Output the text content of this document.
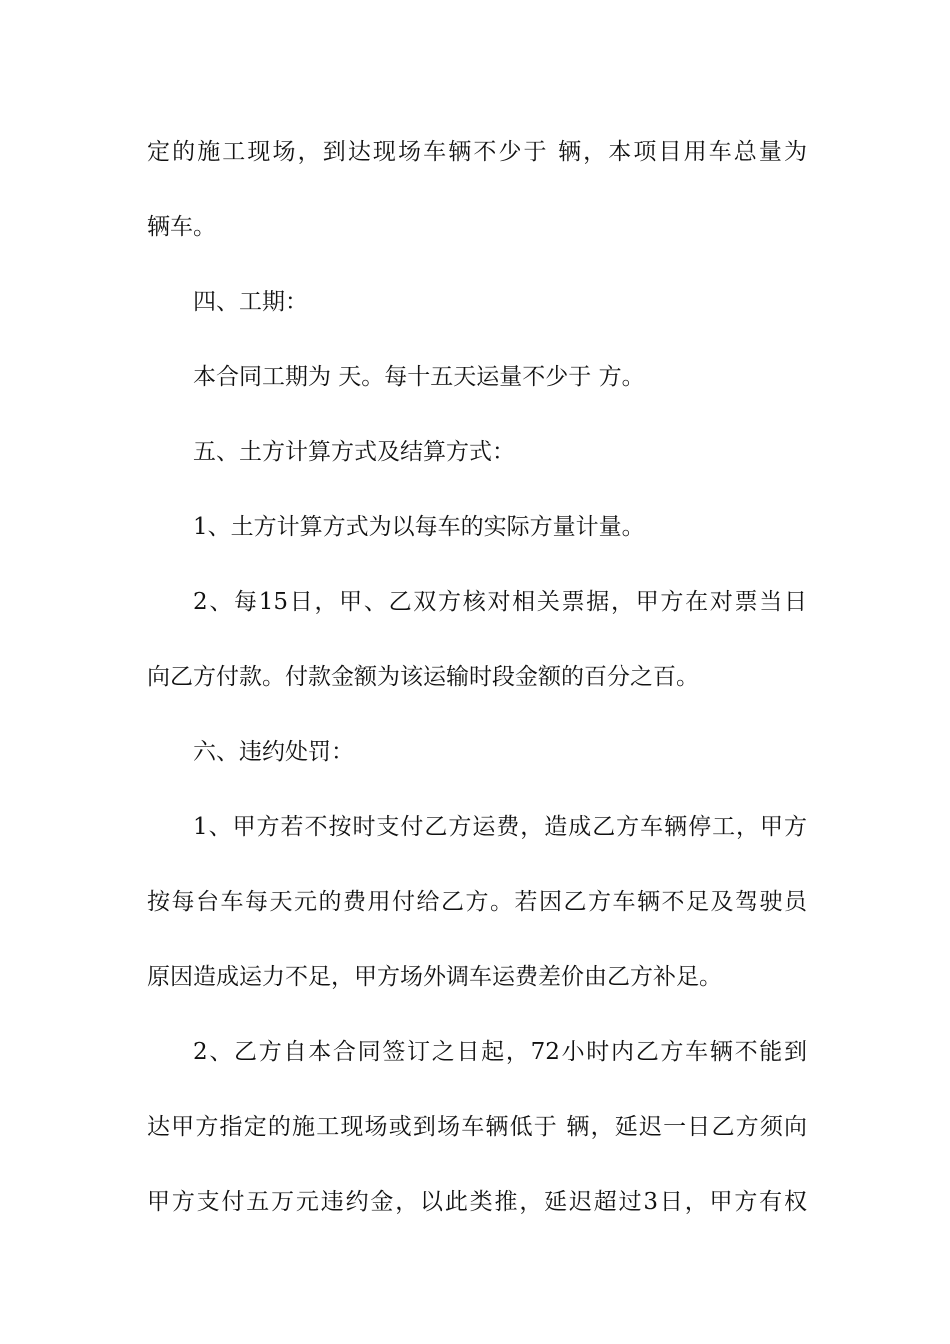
定的施工现场，到达现场车辆不少于 辆，本项目用车总量为
辆车。
四、工期：
本合同工期为 天。每十五天运量不少于 方。
五、土方计算方式及结算方式：
1、土方计算方式为以每车的实际方量计量。
2、每15日，甲、乙双方核对相关票据，甲方在对票当日
向乙方付款。付款金额为该运输时段金额的百分之百。
六、违约处罚：
1、甲方若不按时支付乙方运费，造成乙方车辆停工，甲方
按每台车每天元的费用付给乙方。若因乙方车辆不足及驾驶员
原因造成运力不足，甲方场外调车运费差价由乙方补足。
2、乙方自本合同签订之日起，72小时内乙方车辆不能到
达甲方指定的施工现场或到场车辆低于 辆，延迟一日乙方须向
甲方支付五万元违约金，以此类推，延迟超过3日，甲方有权
